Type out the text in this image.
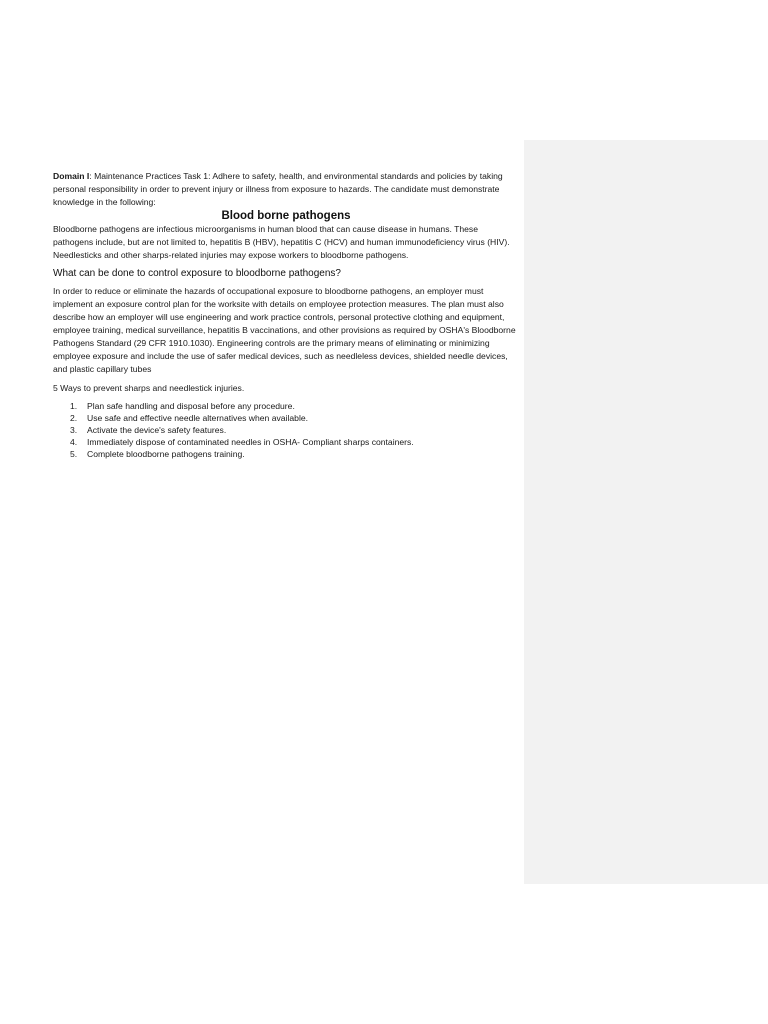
Domain I: Maintenance Practices Task 1: Adhere to safety, health, and environmental standards and policies by taking personal responsibility in order to prevent injury or illness from exposure to hazards. The candidate must demonstrate knowledge in the following:

Blood borne pathogens

Bloodborne pathogens are infectious microorganisms in human blood that can cause disease in humans. These pathogens include, but are not limited to, hepatitis B (HBV), hepatitis C (HCV) and human immunodeficiency virus (HIV). Needlesticks and other sharps-related injuries may expose workers to bloodborne pathogens.

What can be done to control exposure to bloodborne pathogens?

In order to reduce or eliminate the hazards of occupational exposure to bloodborne pathogens, an employer must implement an exposure control plan for the worksite with details on employee protection measures. The plan must also describe how an employer will use engineering and work practice controls, personal protective clothing and equipment, employee training, medical surveillance, hepatitis B vaccinations, and other provisions as required by OSHA's Bloodborne Pathogens Standard (29 CFR 1910.1030). Engineering controls are the primary means of eliminating or minimizing employee exposure and include the use of safer medical devices, such as needleless devices, shielded needle devices, and plastic capillary tubes

5 Ways to prevent sharps and needlestick injuries.

1.	Plan safe handling and disposal before any procedure.
2.	Use safe and effective needle alternatives when available.
3.	Activate the device's safety features.
4.	Immediately dispose of contaminated needles in OSHA- Compliant sharps containers.
5.	Complete bloodborne pathogens training.
